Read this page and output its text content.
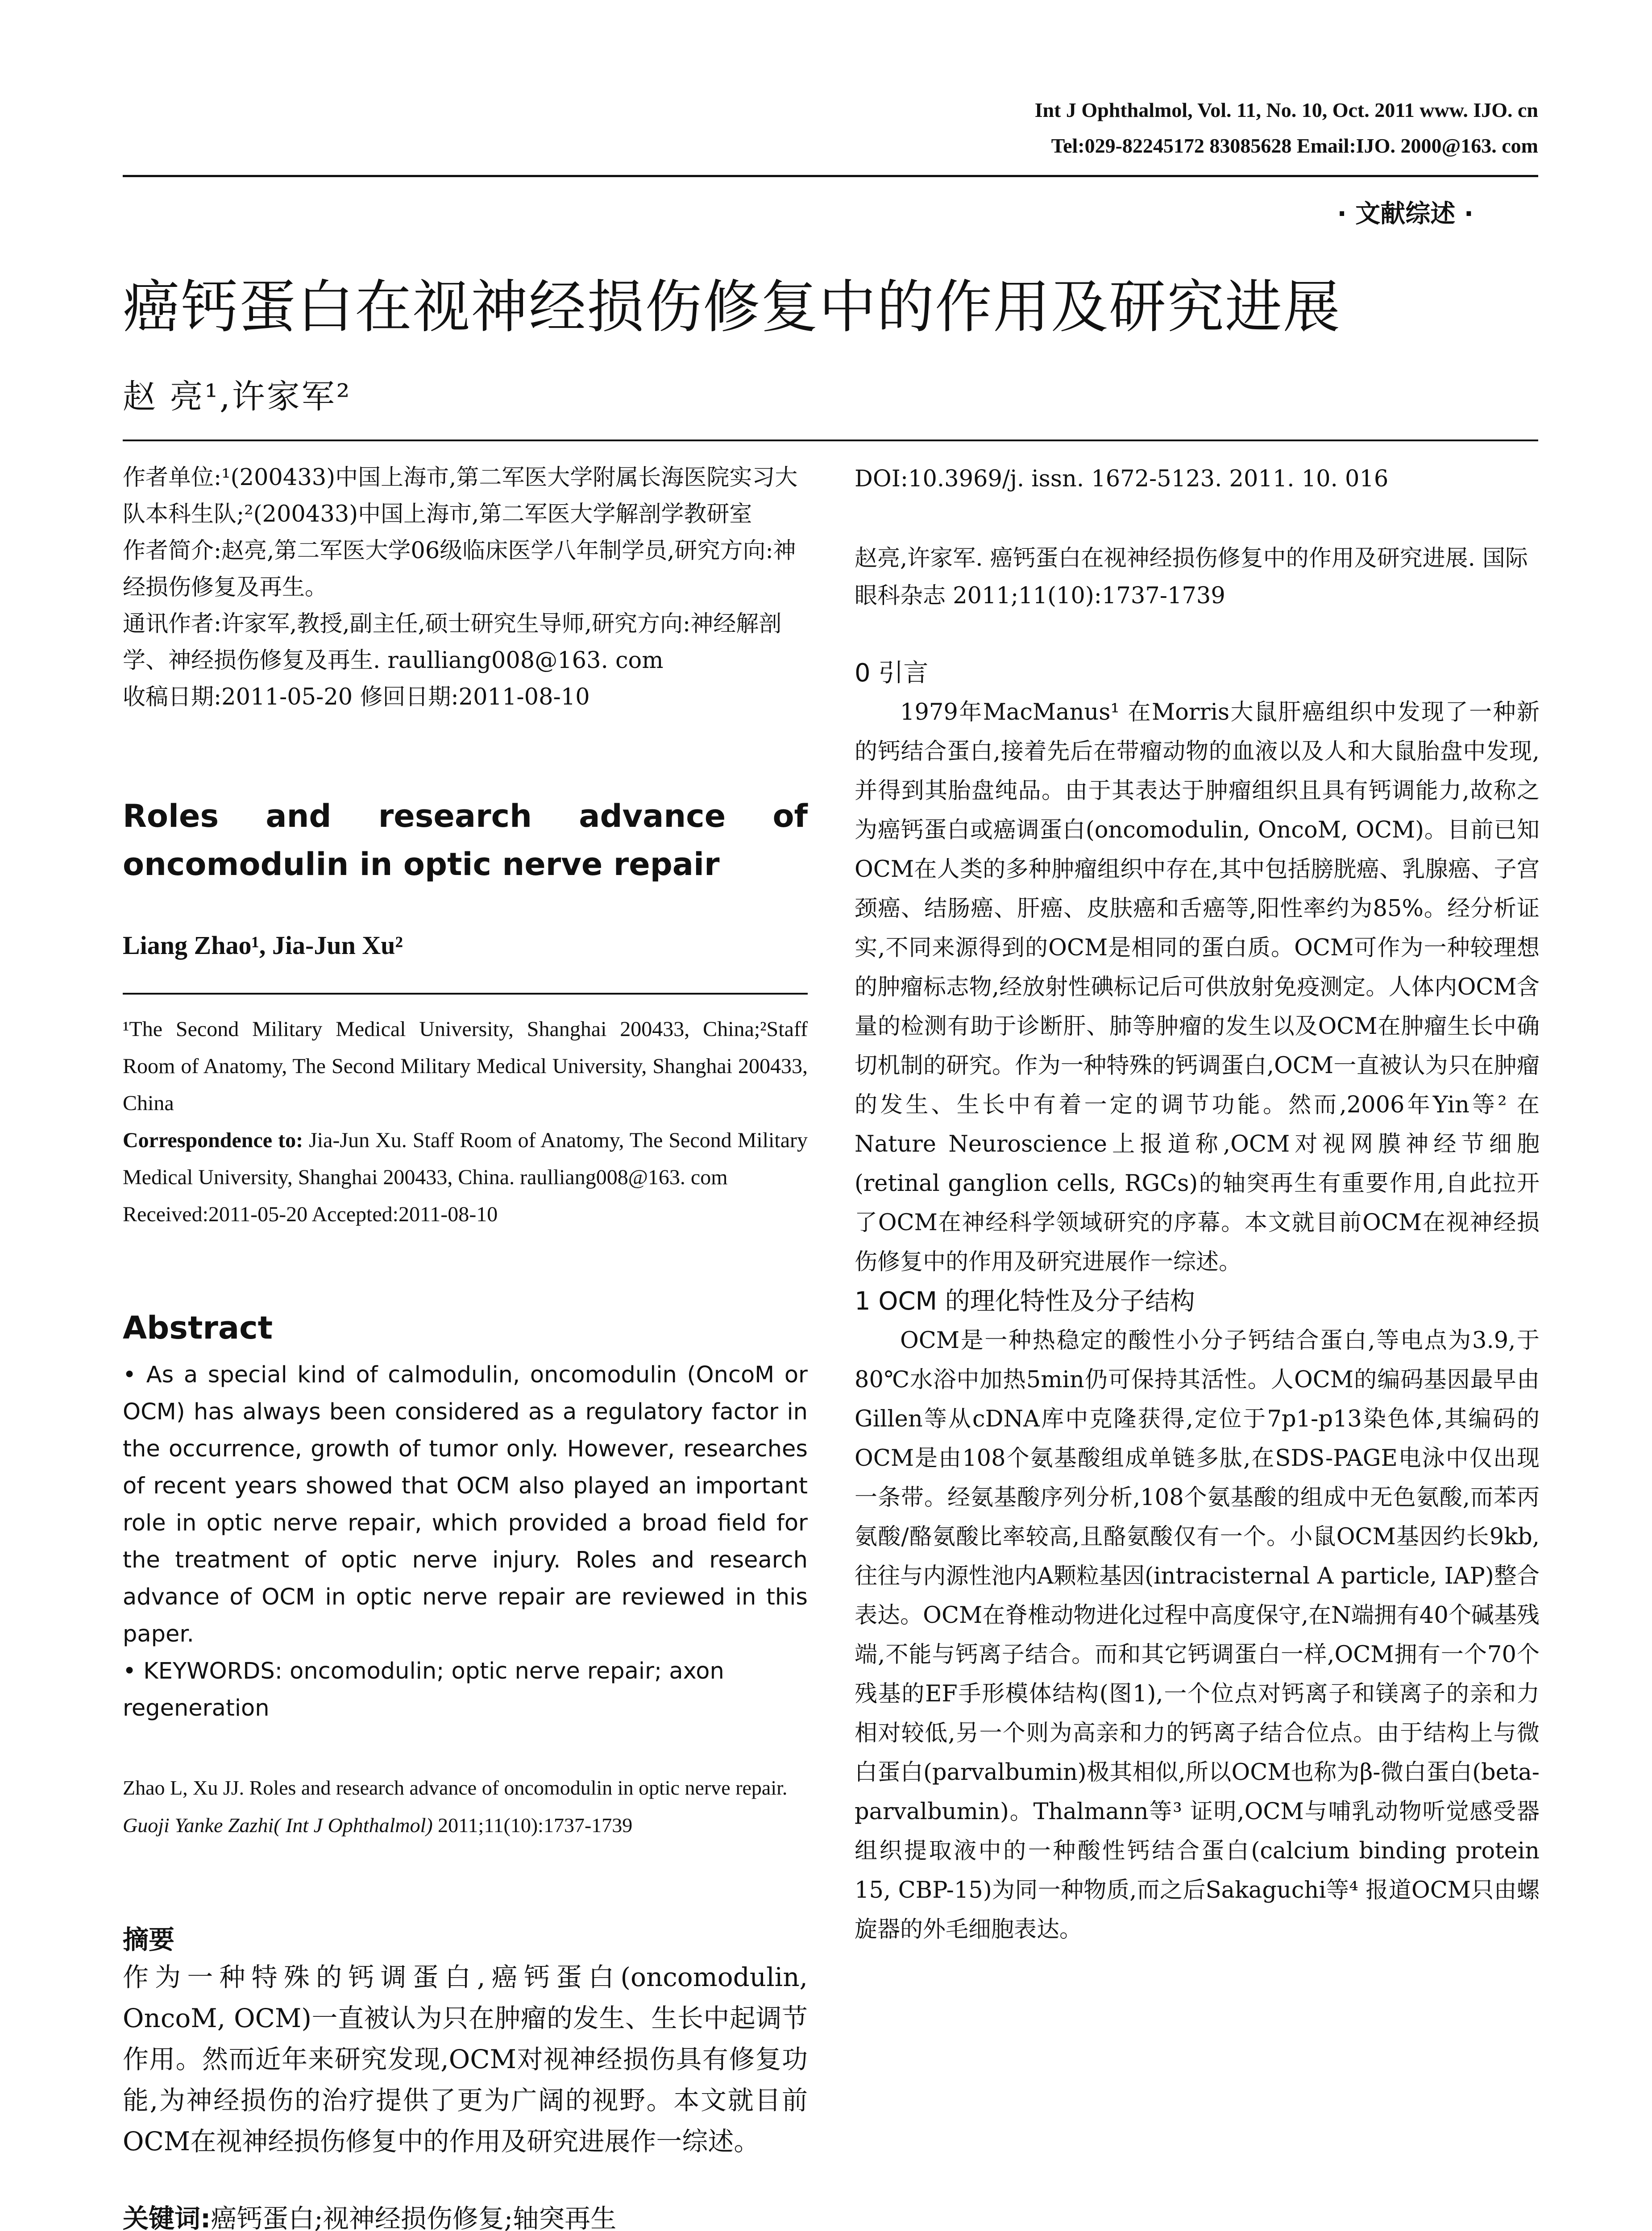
Int J Ophthalmol, Vol. 11, No. 10, Oct. 2011 www. IJO. cn
Tel:029-82245172 83085628 Email:IJO. 2000@163. com
· 文献综述 ·
癌钙蛋白在视神经损伤修复中的作用及研究进展
赵 亮¹,许家军²

作者单位:¹(200433)中国上海市,第二军医大学附属长海医院实习大队本科生队;²(200433)中国上海市,第二军医大学解剖学教研室

作者简介:赵亮,第二军医大学06级临床医学八年制学员,研究方向:神经损伤修复及再生。

通讯作者:许家军,教授,副主任,硕士研究生导师,研究方向:神经解剖学、神经损伤修复及再生. raulliang008@163. com

收稿日期:2011-05-20 修回日期:2011-08-10

Roles and research advance of oncomodulin in optic nerve repair
Liang Zhao¹, Jia-Jun Xu²

¹The Second Military Medical University, Shanghai 200433, China;²Staff Room of Anatomy, The Second Military Medical University, Shanghai 200433, China

Correspondence to: Jia-Jun Xu. Staff Room of Anatomy, The Second Military Medical University, Shanghai 200433, China. raulliang008@163. com

Received:2011-05-20 Accepted:2011-08-10

Abstract

• As a special kind of calmodulin, oncomodulin (OncoM or OCM) has always been considered as a regulatory factor in the occurrence, growth of tumor only. However, researches of recent years showed that OCM also played an important role in optic nerve repair, which provided a broad field for the treatment of optic nerve injury. Roles and research advance of OCM in optic nerve repair are reviewed in this paper.

• KEYWORDS: oncomodulin; optic nerve repair; axon regeneration

Zhao L, Xu JJ. Roles and research advance of oncomodulin in optic nerve repair. Guoji Yanke Zazhi( Int J Ophthalmol) 2011;11(10):1737-1739
摘要
作为一种特殊的钙调蛋白,癌钙蛋白(oncomodulin, OncoM, OCM)一直被认为只在肿瘤的发生、生长中起调节作用。然而近年来研究发现,OCM对视神经损伤具有修复功能,为神经损伤的治疗提供了更为广阔的视野。本文就目前OCM在视神经损伤修复中的作用及研究进展作一综述。
关键词:癌钙蛋白;视神经损伤修复;轴突再生
DOI:10.3969/j. issn. 1672-5123. 2011. 10. 016
赵亮,许家军. 癌钙蛋白在视神经损伤修复中的作用及研究进展. 国际眼科杂志 2011;11(10):1737-1739
0 引言

1979年MacManus¹ 在Morris大鼠肝癌组织中发现了一种新的钙结合蛋白,接着先后在带瘤动物的血液以及人和大鼠胎盘中发现,并得到其胎盘纯品。由于其表达于肿瘤组织且具有钙调能力,故称之为癌钙蛋白或癌调蛋白(oncomodulin, OncoM, OCM)。目前已知OCM在人类的多种肿瘤组织中存在,其中包括膀胱癌、乳腺癌、子宫颈癌、结肠癌、肝癌、皮肤癌和舌癌等,阳性率约为85%。经分析证实,不同来源得到的OCM是相同的蛋白质。OCM可作为一种较理想的肿瘤标志物,经放射性碘标记后可供放射免疫测定。人体内OCM含量的检测有助于诊断肝、肺等肿瘤的发生以及OCM在肿瘤生长中确切机制的研究。作为一种特殊的钙调蛋白,OCM一直被认为只在肿瘤的发生、生长中有着一定的调节功能。然而,2006年Yin等² 在Nature Neuroscience上报道称,OCM对视网膜神经节细胞(retinal ganglion cells, RGCs)的轴突再生有重要作用,自此拉开了OCM在神经科学领域研究的序幕。本文就目前OCM在视神经损伤修复中的作用及研究进展作一综述。

1 OCM 的理化特性及分子结构

OCM是一种热稳定的酸性小分子钙结合蛋白,等电点为3.9,于80℃水浴中加热5min仍可保持其活性。人OCM的编码基因最早由Gillen等从cDNA库中克隆获得,定位于7p1-p13染色体,其编码的OCM是由108个氨基酸组成单链多肽,在SDS-PAGE电泳中仅出现一条带。经氨基酸序列分析,108个氨基酸的组成中无色氨酸,而苯丙氨酸/酪氨酸比率较高,且酪氨酸仅有一个。小鼠OCM基因约长9kb,往往与内源性池内A颗粒基因(intracisternal A particle, IAP)整合表达。OCM在脊椎动物进化过程中高度保守,在N端拥有40个碱基残端,不能与钙离子结合。而和其它钙调蛋白一样,OCM拥有一个70个残基的EF手形模体结构(图1),一个位点对钙离子和镁离子的亲和力相对较低,另一个则为高亲和力的钙离子结合位点。由于结构上与微白蛋白(parvalbumin)极其相似,所以OCM也称为β-微白蛋白(beta-parvalbumin)。Thalmann等³ 证明,OCM与哺乳动物听觉感受器组织提取液中的一种酸性钙结合蛋白(calcium binding protein 15, CBP-15)为同一种物质,而之后Sakaguchi等⁴ 报道OCM只由螺旋器的外毛细胞表达。
